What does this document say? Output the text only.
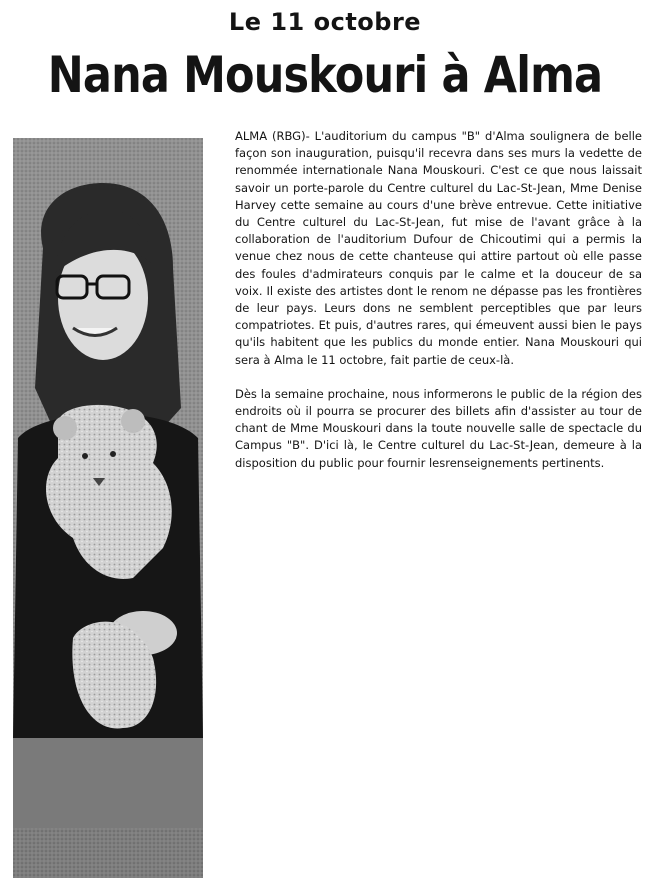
Le 11 octobre
Nana Mouskouri à Alma

ALMA (RBG)- L'auditorium du campus "B" d'Alma soulignera de belle façon son inauguration, puisqu'il recevra dans ses murs la vedette de renommée internationale Nana Mouskouri. C'est ce que nous laissait savoir un porte-parole du Centre culturel du Lac-St-Jean, Mme Denise Harvey cette semaine au cours d'une brève entrevue. Cette initiative du Centre culturel du Lac-St-Jean, fut mise de l'avant grâce à la collaboration de l'auditorium Dufour de Chicoutimi qui a permis la venue chez nous de cette chanteuse qui attire partout où elle passe des foules d'admirateurs conquis par le calme et la douceur de sa voix. Il existe des artistes dont le renom ne dépasse pas les frontières de leur pays. Leurs dons ne semblent perceptibles que par leurs compatriotes. Et puis, d'autres rares, qui émeuvent aussi bien le pays qu'ils habitent que les publics du monde entier. Nana Mouskouri qui sera à Alma le 11 octobre, fait partie de ceux-là.

Dès la semaine prochaine, nous informerons le public de la région des endroits où il pourra se procurer des billets afin d'assister au tour de chant de Mme Mouskouri dans la toute nouvelle salle de spectacle du Campus "B". D'ici là, le Centre culturel du Lac-St-Jean, demeure à la disposition du public pour fournir lesrenseignements pertinents.
